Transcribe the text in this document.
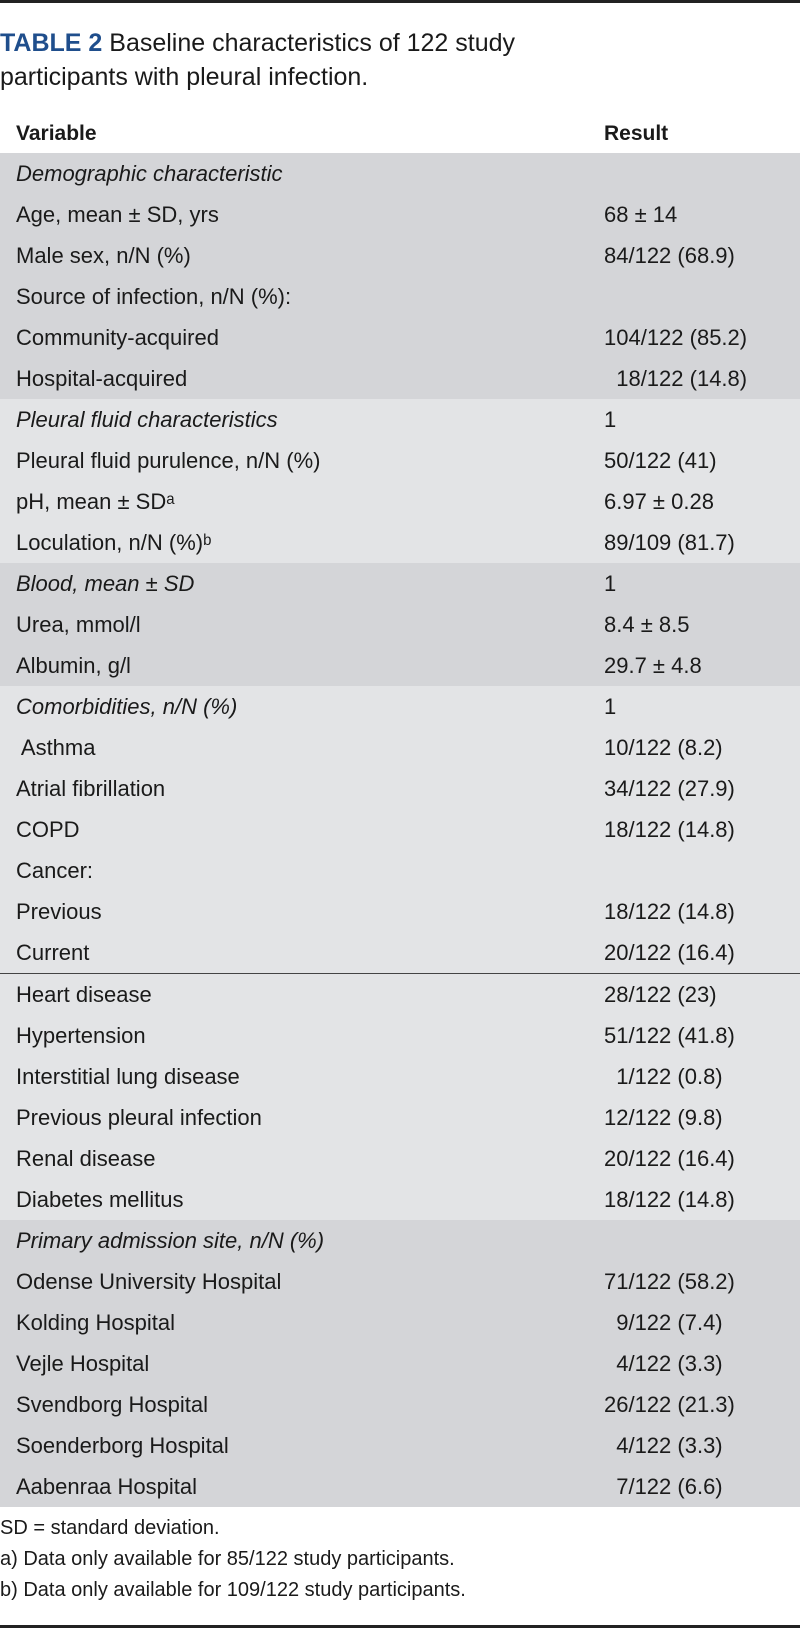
TABLE 2 Baseline characteristics of 122 study
participants with pleural infection.
Variable	Result
Demographic characteristic	
Age, mean ± SD, yrs	68 ± 14
Male sex, n/N (%)	84/122 (68.9)
Source of infection, n/N (%):	
Community-acquired	104/122 (85.2)
Hospital-acquired	18/122 (14.8)
Pleural fluid characteristics	1
Pleural fluid purulence, n/N (%)	50/122 (41)
pH, mean ± SDᵃ	6.97 ± 0.28
Loculation, n/N (%)ᵇ	89/109 (81.7)
Blood, mean ± SD	1
Urea, mmol/l	8.4 ± 8.5
Albumin, g/l	29.7 ± 4.8
Comorbidities, n/N (%)	1
Asthma	10/122 (8.2)
Atrial fibrillation	34/122 (27.9)
COPD	18/122 (14.8)
Cancer:	
Previous	18/122 (14.8)
Current	20/122 (16.4)
Heart disease	28/122 (23)
Hypertension	51/122 (41.8)
Interstitial lung disease	1/122 (0.8)
Previous pleural infection	12/122 (9.8)
Renal disease	20/122 (16.4)
Diabetes mellitus	18/122 (14.8)
Primary admission site, n/N (%)	
Odense University Hospital	71/122 (58.2)
Kolding Hospital	9/122 (7.4)
Vejle Hospital	4/122 (3.3)
Svendborg Hospital	26/122 (21.3)
Soenderborg Hospital	4/122 (3.3)
Aabenraa Hospital	7/122 (6.6)
SD = standard deviation.
a) Data only available for 85/122 study participants.
b) Data only available for 109/122 study participants.
